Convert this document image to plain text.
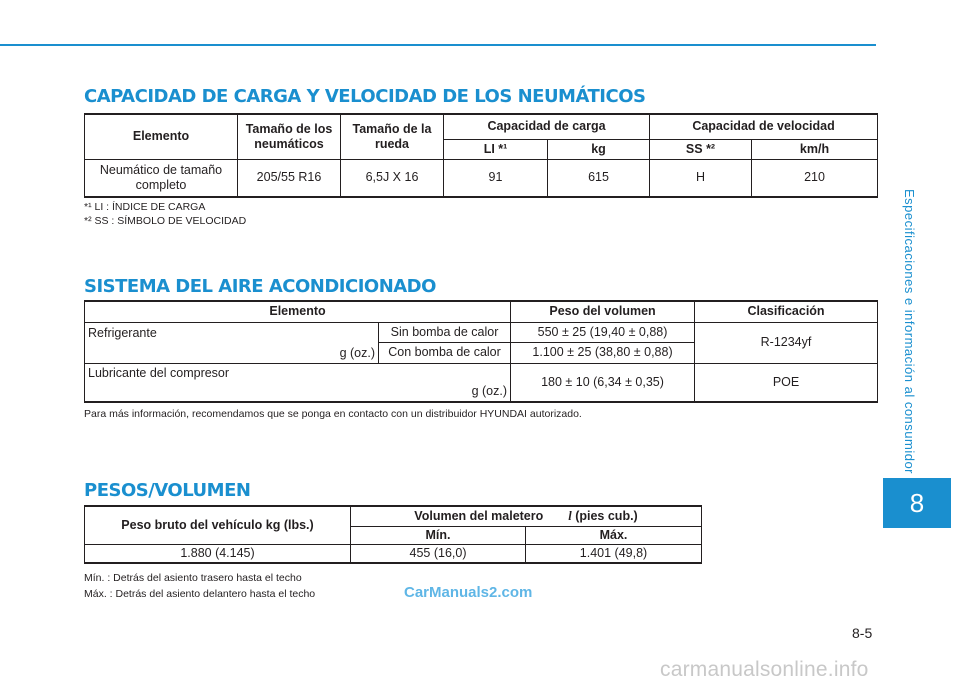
Especificaciones e información al consumidor
8
CAPACIDAD DE CARGA Y VELOCIDAD DE LOS NEUMÁTICOS
Elemento	Tamaño de los neumáticos	Tamaño de la rueda	Capacidad de carga		Capacidad de velocidad	
			LI *¹	kg	SS *²	km/h
Neumático de tamaño completo	205/55 R16	6,5J X 16	91	615	H	210
*¹ LI : ÍNDICE DE CARGA
*² SS : SÍMBOLO DE VELOCIDAD
SISTEMA DEL AIRE ACONDICIONADO
Elemento		Peso del volumen	Clasificación

Refrigerante
g (oz.)	Sin bomba de calor	550 ± 25 (19,40 ± 0,88)	R-1234yf
	Con bomba de calor	1.100 ± 25 (38,80 ± 0,88)	

Lubricante del compresor
g (oz.)		180 ± 10 (6,34 ± 0,35)	POE
Para más información, recomendamos que se ponga en contacto con un distribuidor HYUNDAI autorizado.
PESOS/VOLUMEN
Peso bruto del vehículo kg (lbs.)	Volumen del maletero l (pies cub.)	
	Mín.	Máx.
1.880 (4.145)	455 (16,0)	1.401 (49,8)
Mín. : Detrás del asiento trasero hasta el techo
Máx. : Detrás del asiento delantero hasta el techo	CarManuals2.com
8-5
carmanualsonline.info
